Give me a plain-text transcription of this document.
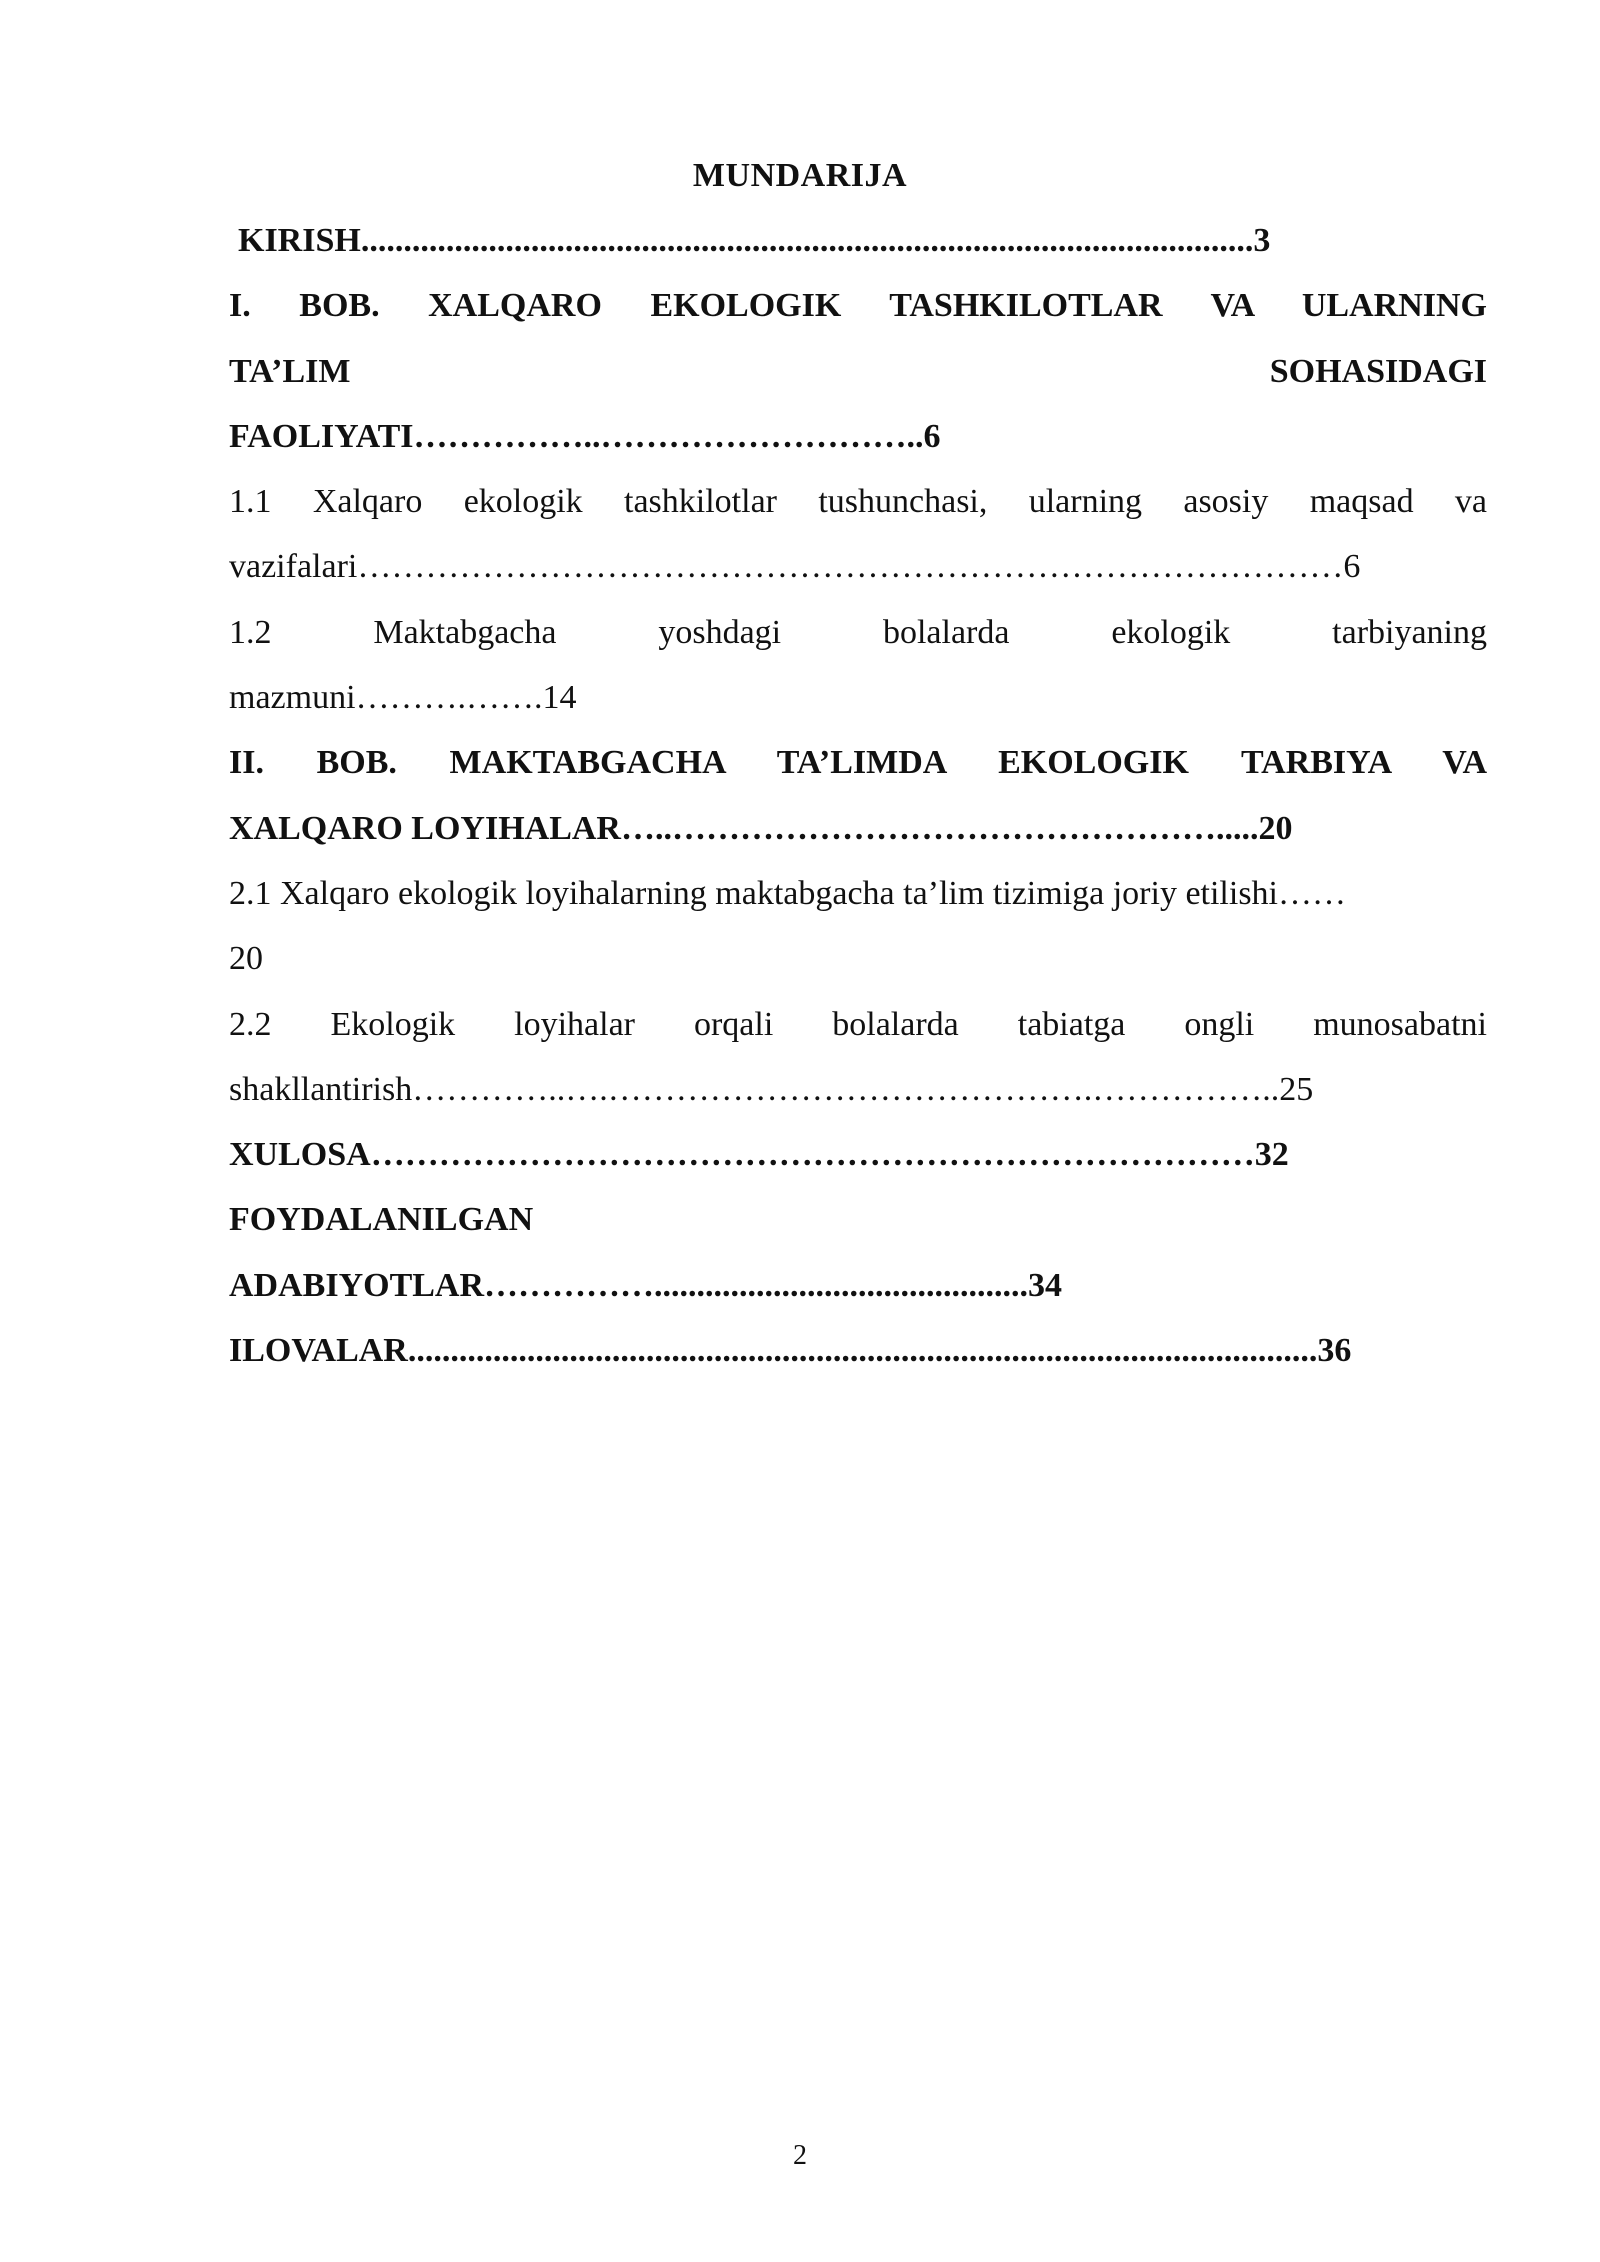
MUNDARIJA
KIRISH.........................................................................................................3
I. BOB. XALQARO EKOLOGIK TASHKILOTLAR VA ULARNING
TA’LIM SOHASIDAGI
FAOLIYATI……………..………………………..6
1.1 Xalqaro ekologik tashkilotlar tushunchasi, ularning asosiy maqsad va
vazifalari……………………………………………………………………………6
1.2 Maktabgacha yoshdagi bolalarda ekologik tarbiyaning
mazmuni……….…….14
II. BOB. MAKTABGACHA TA’LIMDA EKOLOGIK TARBIYA VA
XALQARO LOYIHALAR…..………………………………………….....20
2.1 Xalqaro ekologik loyihalarning maktabgacha ta’lim tizimiga joriy etilishi……
20
2.2 Ekologik loyihalar orqali bolalarda tabiatga ongli munosabatni
shakllantirish…………..….…………………………………….……………..25
XULOSA……………………………………………………………………32
FOYDALANILGAN
ADABIYOTLAR……………............................................34
ILOVALAR...........................................................................................................36
2
